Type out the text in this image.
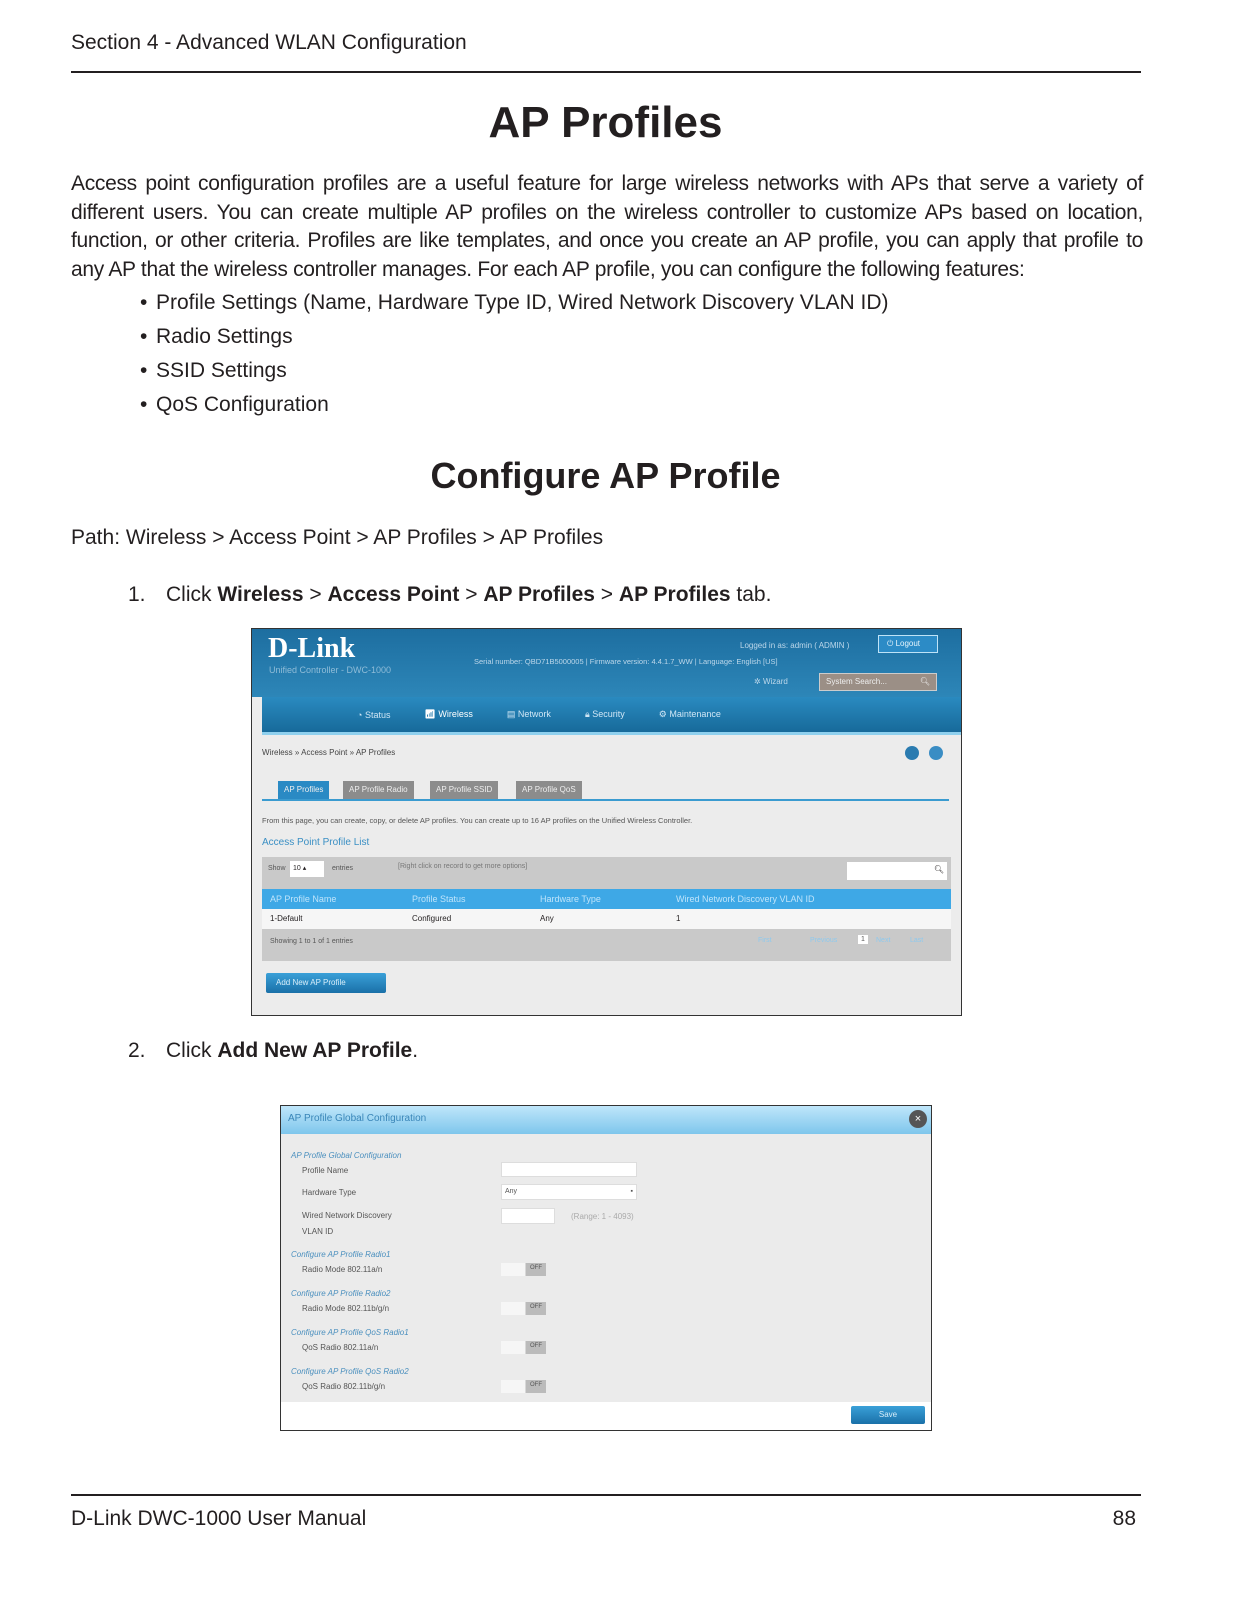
Section 4 - Advanced WLAN Configuration
AP Profiles
Access point configuration profiles are a useful feature for large wireless networks with APs that serve a variety of different users. You can create multiple AP profiles on the wireless controller to customize APs based on location, function, or other criteria. Profiles are like templates, and once you create an AP profile, you can apply that profile to any AP that the wireless controller manages. For each AP profile, you can configure the following features:
• Profile Settings (Name, Hardware Type ID, Wired Network Discovery VLAN ID)
• Radio Settings
• SSID Settings
• QoS Configuration
Configure AP Profile
Path: Wireless > Access Point > AP Profiles > AP Profiles
1. Click Wireless > Access Point > AP Profiles > AP Profiles tab.
D-Link
Unified Controller - DWC-1000
Logged in as: admin ( ADMIN )	⏻ Logout
Serial number: QBD71B5000005 | Firmware version: 4.4.1.7_WW | Language: English [US]
✲ Wizard	System Search...	🔍︎
◔ Status	📶︎ Wireless	▤ Network	🔒︎ Security	⚙ Maintenance
Wireless » Access Point » AP Profiles
AP Profiles	AP Profile Radio	AP Profile SSID	AP Profile QoS
From this page, you can create, copy, or delete AP profiles. You can create up to 16 AP profiles on the Unified Wireless Controller.
Access Point Profile List
Show	10 ▴	entries	[Right click on record to get more options]	🔍︎
AP Profile Name	Profile Status	Hardware Type	Wired Network Discovery VLAN ID
1-Default	Configured	Any	1
Showing 1 to 1 of 1 entries	First	Previous	1	Next	Last
Add New AP Profile
2. Click Add New AP Profile.
AP Profile Global Configuration	×
AP Profile Global Configuration
Profile Name
Hardware Type	Any	▪
Wired Network Discovery
VLAN ID
(Range: 1 - 4093)
Configure AP Profile Radio1
Radio Mode 802.11a/n	OFF
Configure AP Profile Radio2
Radio Mode 802.11b/g/n	OFF
Configure AP Profile QoS Radio1
QoS Radio 802.11a/n	OFF
Configure AP Profile QoS Radio2
QoS Radio 802.11b/g/n	OFF
Save
D-Link DWC-1000 User Manual	88
